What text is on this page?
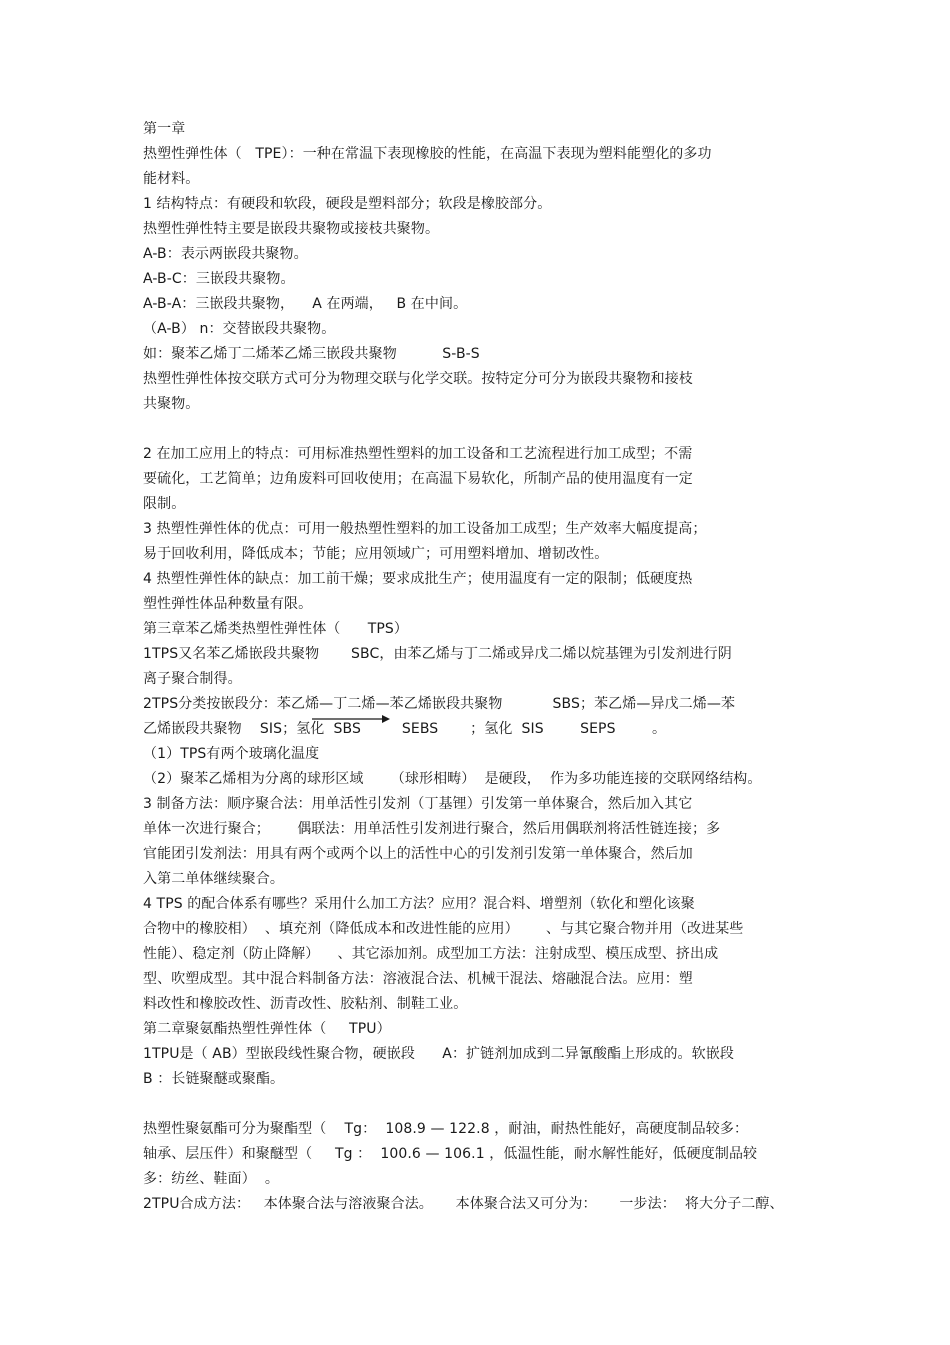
第一章
热塑性弹性体（   TPE）：一种在常温下表现橡胶的性能，在高温下表现为塑料能塑化的多功
能材料。
1 结构特点：有硬段和软段，硬段是塑料部分；软段是橡胶部分。
热塑性弹性特主要是嵌段共聚物或接枝共聚物。
A-B：表示两嵌段共聚物。
A-B-C：三嵌段共聚物。
A-B-A：三嵌段共聚物，    A 在两端，   B 在中间。
（A-B） n：交替嵌段共聚物。
如：聚苯乙烯丁二烯苯乙烯三嵌段共聚物          S-B-S
热塑性弹性体按交联方式可分为物理交联与化学交联。按特定分可分为嵌段共聚物和接枝
共聚物。
2 在加工应用上的特点：可用标准热塑性塑料的加工设备和工艺流程进行加工成型；不需
要硫化，工艺简单；边角废料可回收使用；在高温下易软化，所制产品的使用温度有一定
限制。
3 热塑性弹性体的优点：可用一般热塑性塑料的加工设备加工成型；生产效率大幅度提高；
易于回收利用，降低成本；节能；应用领域广；可用塑料增加、增韧改性。
4 热塑性弹性体的缺点：加工前干燥；要求成批生产；使用温度有一定的限制；低硬度热
塑性弹性体品种数量有限。
第三章苯乙烯类热塑性弹性体（      TPS）
1TPS又名苯乙烯嵌段共聚物       SBC，由苯乙烯与丁二烯或异戊二烯以烷基锂为引发剂进行阴
离子聚合制得。
2TPS分类按嵌段分：苯乙烯—丁二烯—苯乙烯嵌段共聚物           SBS；苯乙烯—异戊二烯—苯
乙烯嵌段共聚物    SIS；氢化  SBS         SEBS       ；氢化  SIS        SEPS        。
（1）TPS有两个玻璃化温度
（2）聚苯乙烯相为分离的球形区域      （球形相畴）  是硬段，  作为多功能连接的交联网络结构。
3 制备方法：顺序聚合法：用单活性引发剂（丁基锂）引发第一单体聚合，然后加入其它
单体一次进行聚合；      偶联法：用单活性引发剂进行聚合，然后用偶联剂将活性链连接；多
官能团引发剂法：用具有两个或两个以上的活性中心的引发剂引发第一单体聚合，然后加
入第二单体继续聚合。
4 TPS 的配合体系有哪些？采用什么加工方法？应用？混合料、增塑剂（软化和塑化该聚
合物中的橡胶相）  、填充剂（降低成本和改进性能的应用）      、与其它聚合物并用（改进某些
性能）、稳定剂（防止降解）    、其它添加剂。成型加工方法：注射成型、模压成型、挤出成
型、吹塑成型。其中混合料制备方法：溶液混合法、机械干混法、熔融混合法。应用：塑
料改性和橡胶改性、沥青改性、胶粘剂、制鞋工业。
第二章聚氨酯热塑性弹性体（     TPU）
1TPU是（ AB）型嵌段线性聚合物，硬嵌段      A：扩链剂加成到二异氰酸酯上形成的。软嵌段
B ：长链聚醚或聚酯。
热塑性聚氨酯可分为聚酯型（    Tg：  108.9 — 122.8 ，耐油，耐热性能好，高硬度制品较多：
轴承、层压件）和聚醚型（     Tg ：  100.6 — 106.1 ，低温性能，耐水解性能好，低硬度制品较
多：纺丝、鞋面）  。
2TPU合成方法：   本体聚合法与溶液聚合法。     本体聚合法又可分为：     一步法：  将大分子二醇、
